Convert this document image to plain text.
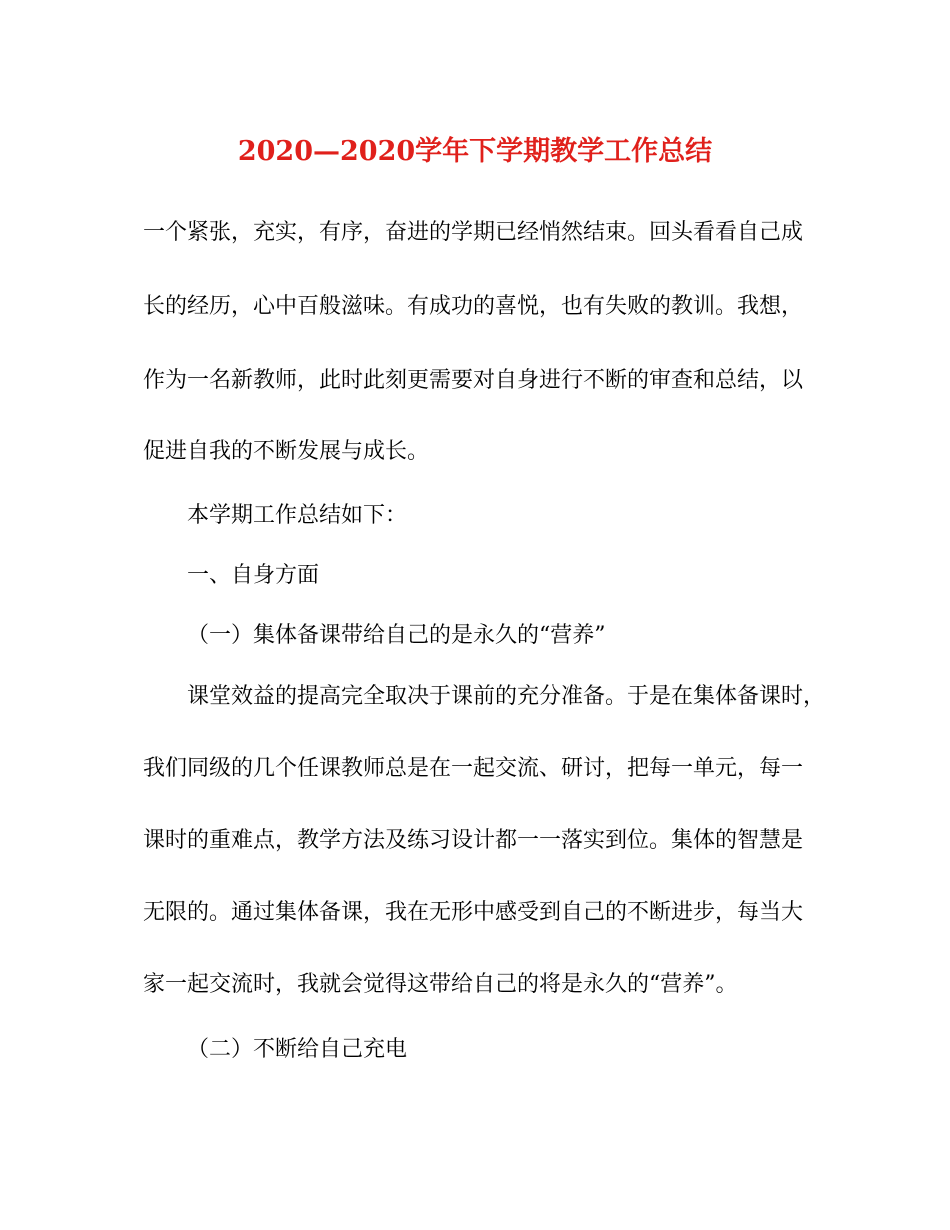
2020—2020学年下学期教学工作总结
一个紧张，充实，有序，奋进的学期已经悄然结束。回头看看自己成
长的经历，心中百般滋味。有成功的喜悦，也有失败的教训。我想，
作为一名新教师，此时此刻更需要对自身进行不断的审查和总结，以
促进自我的不断发展与成长。
本学期工作总结如下：
一、自身方面
（一）集体备课带给自己的是永久的“营养”
课堂效益的提高完全取决于课前的充分准备。于是在集体备课时，
我们同级的几个任课教师总是在一起交流、研讨，把每一单元，每一
课时的重难点，教学方法及练习设计都一一落实到位。集体的智慧是
无限的。通过集体备课，我在无形中感受到自己的不断进步，每当大
家一起交流时，我就会觉得这带给自己的将是永久的“营养”。
（二）不断给自己充电
